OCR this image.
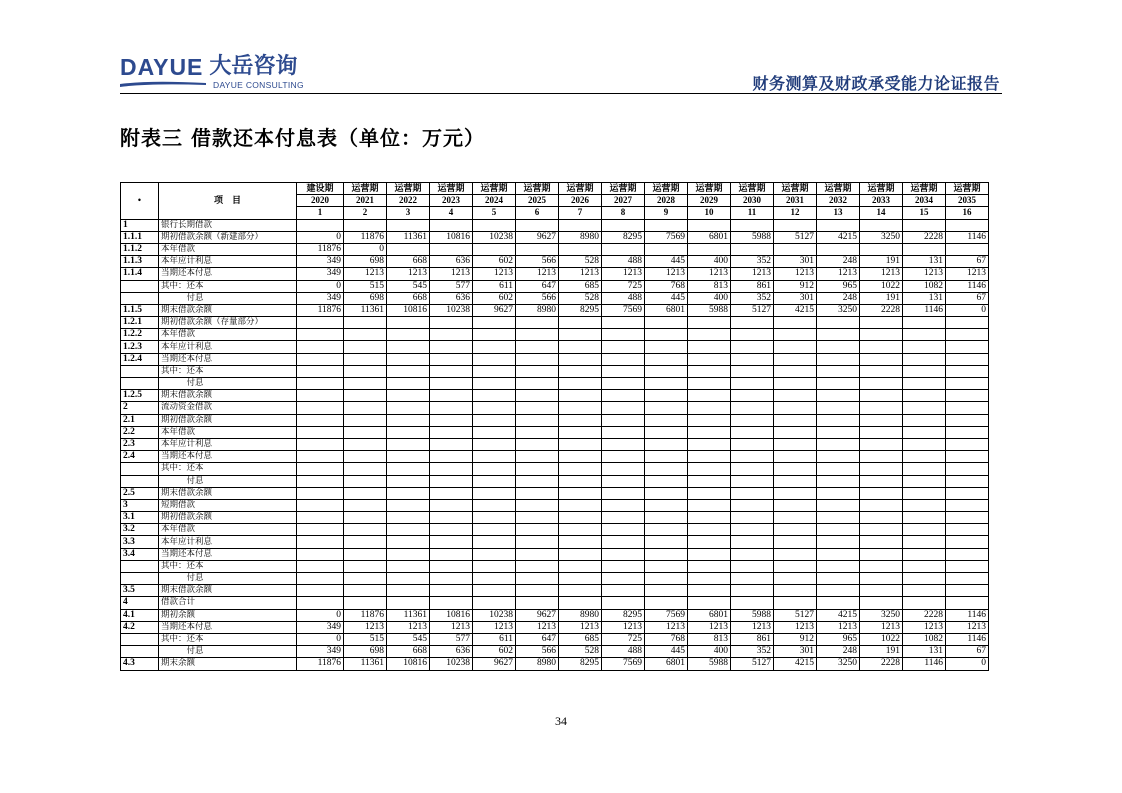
DAYUE 大岳咨询
DAYUE CONSULTING	财务测算及财政承受能力论证报告
附表三 借款还本付息表（单位：万元）
•	项　目	建设期	运营期	运营期	运营期	运营期	运营期	运营期	运营期	运营期	运营期	运营期	运营期	运营期	运营期	运营期	运营期
		2020	2021	2022	2023	2024	2025	2026	2027	2028	2029	2030	2031	2032	2033	2034	2035
		1	2	3	4	5	6	7	8	9	10	11	12	13	14	15	16
1	银行长期借款																
1.1.1	期初借款余额（新建部分）	0	11876	11361	10816	10238	9627	8980	8295	7569	6801	5988	5127	4215	3250	2228	1146
1.1.2	本年借款	11876	0														
1.1.3	本年应计利息	349	698	668	636	602	566	528	488	445	400	352	301	248	191	131	67
1.1.4	当期还本付息	349	1213	1213	1213	1213	1213	1213	1213	1213	1213	1213	1213	1213	1213	1213	1213
	其中：还本	0	515	545	577	611	647	685	725	768	813	861	912	965	1022	1082	1146
	　　　付息	349	698	668	636	602	566	528	488	445	400	352	301	248	191	131	67
1.1.5	期末借款余额	11876	11361	10816	10238	9627	8980	8295	7569	6801	5988	5127	4215	3250	2228	1146	0
1.2.1	期初借款余额（存量部分）																
1.2.2	本年借款																
1.2.3	本年应计利息																
1.2.4	当期还本付息																
	其中：还本																
	　　　付息																
1.2.5	期末借款余额																
2	流动资金借款																
2.1	期初借款余额																
2.2	本年借款																
2.3	本年应计利息																
2.4	当期还本付息																
	其中：还本																
	　　　付息																
2.5	期末借款余额																
3	短期借款																
3.1	期初借款余额																
3.2	本年借款																
3.3	本年应计利息																
3.4	当期还本付息																
	其中：还本																
	　　　付息																
3.5	期末借款余额																
4	借款合计																
4.1	期初余额	0	11876	11361	10816	10238	9627	8980	8295	7569	6801	5988	5127	4215	3250	2228	1146
4.2	当期还本付息	349	1213	1213	1213	1213	1213	1213	1213	1213	1213	1213	1213	1213	1213	1213	1213
	其中：还本	0	515	545	577	611	647	685	725	768	813	861	912	965	1022	1082	1146
	　　　付息	349	698	668	636	602	566	528	488	445	400	352	301	248	191	131	67
4.3	期末余额	11876	11361	10816	10238	9627	8980	8295	7569	6801	5988	5127	4215	3250	2228	1146	0
34
